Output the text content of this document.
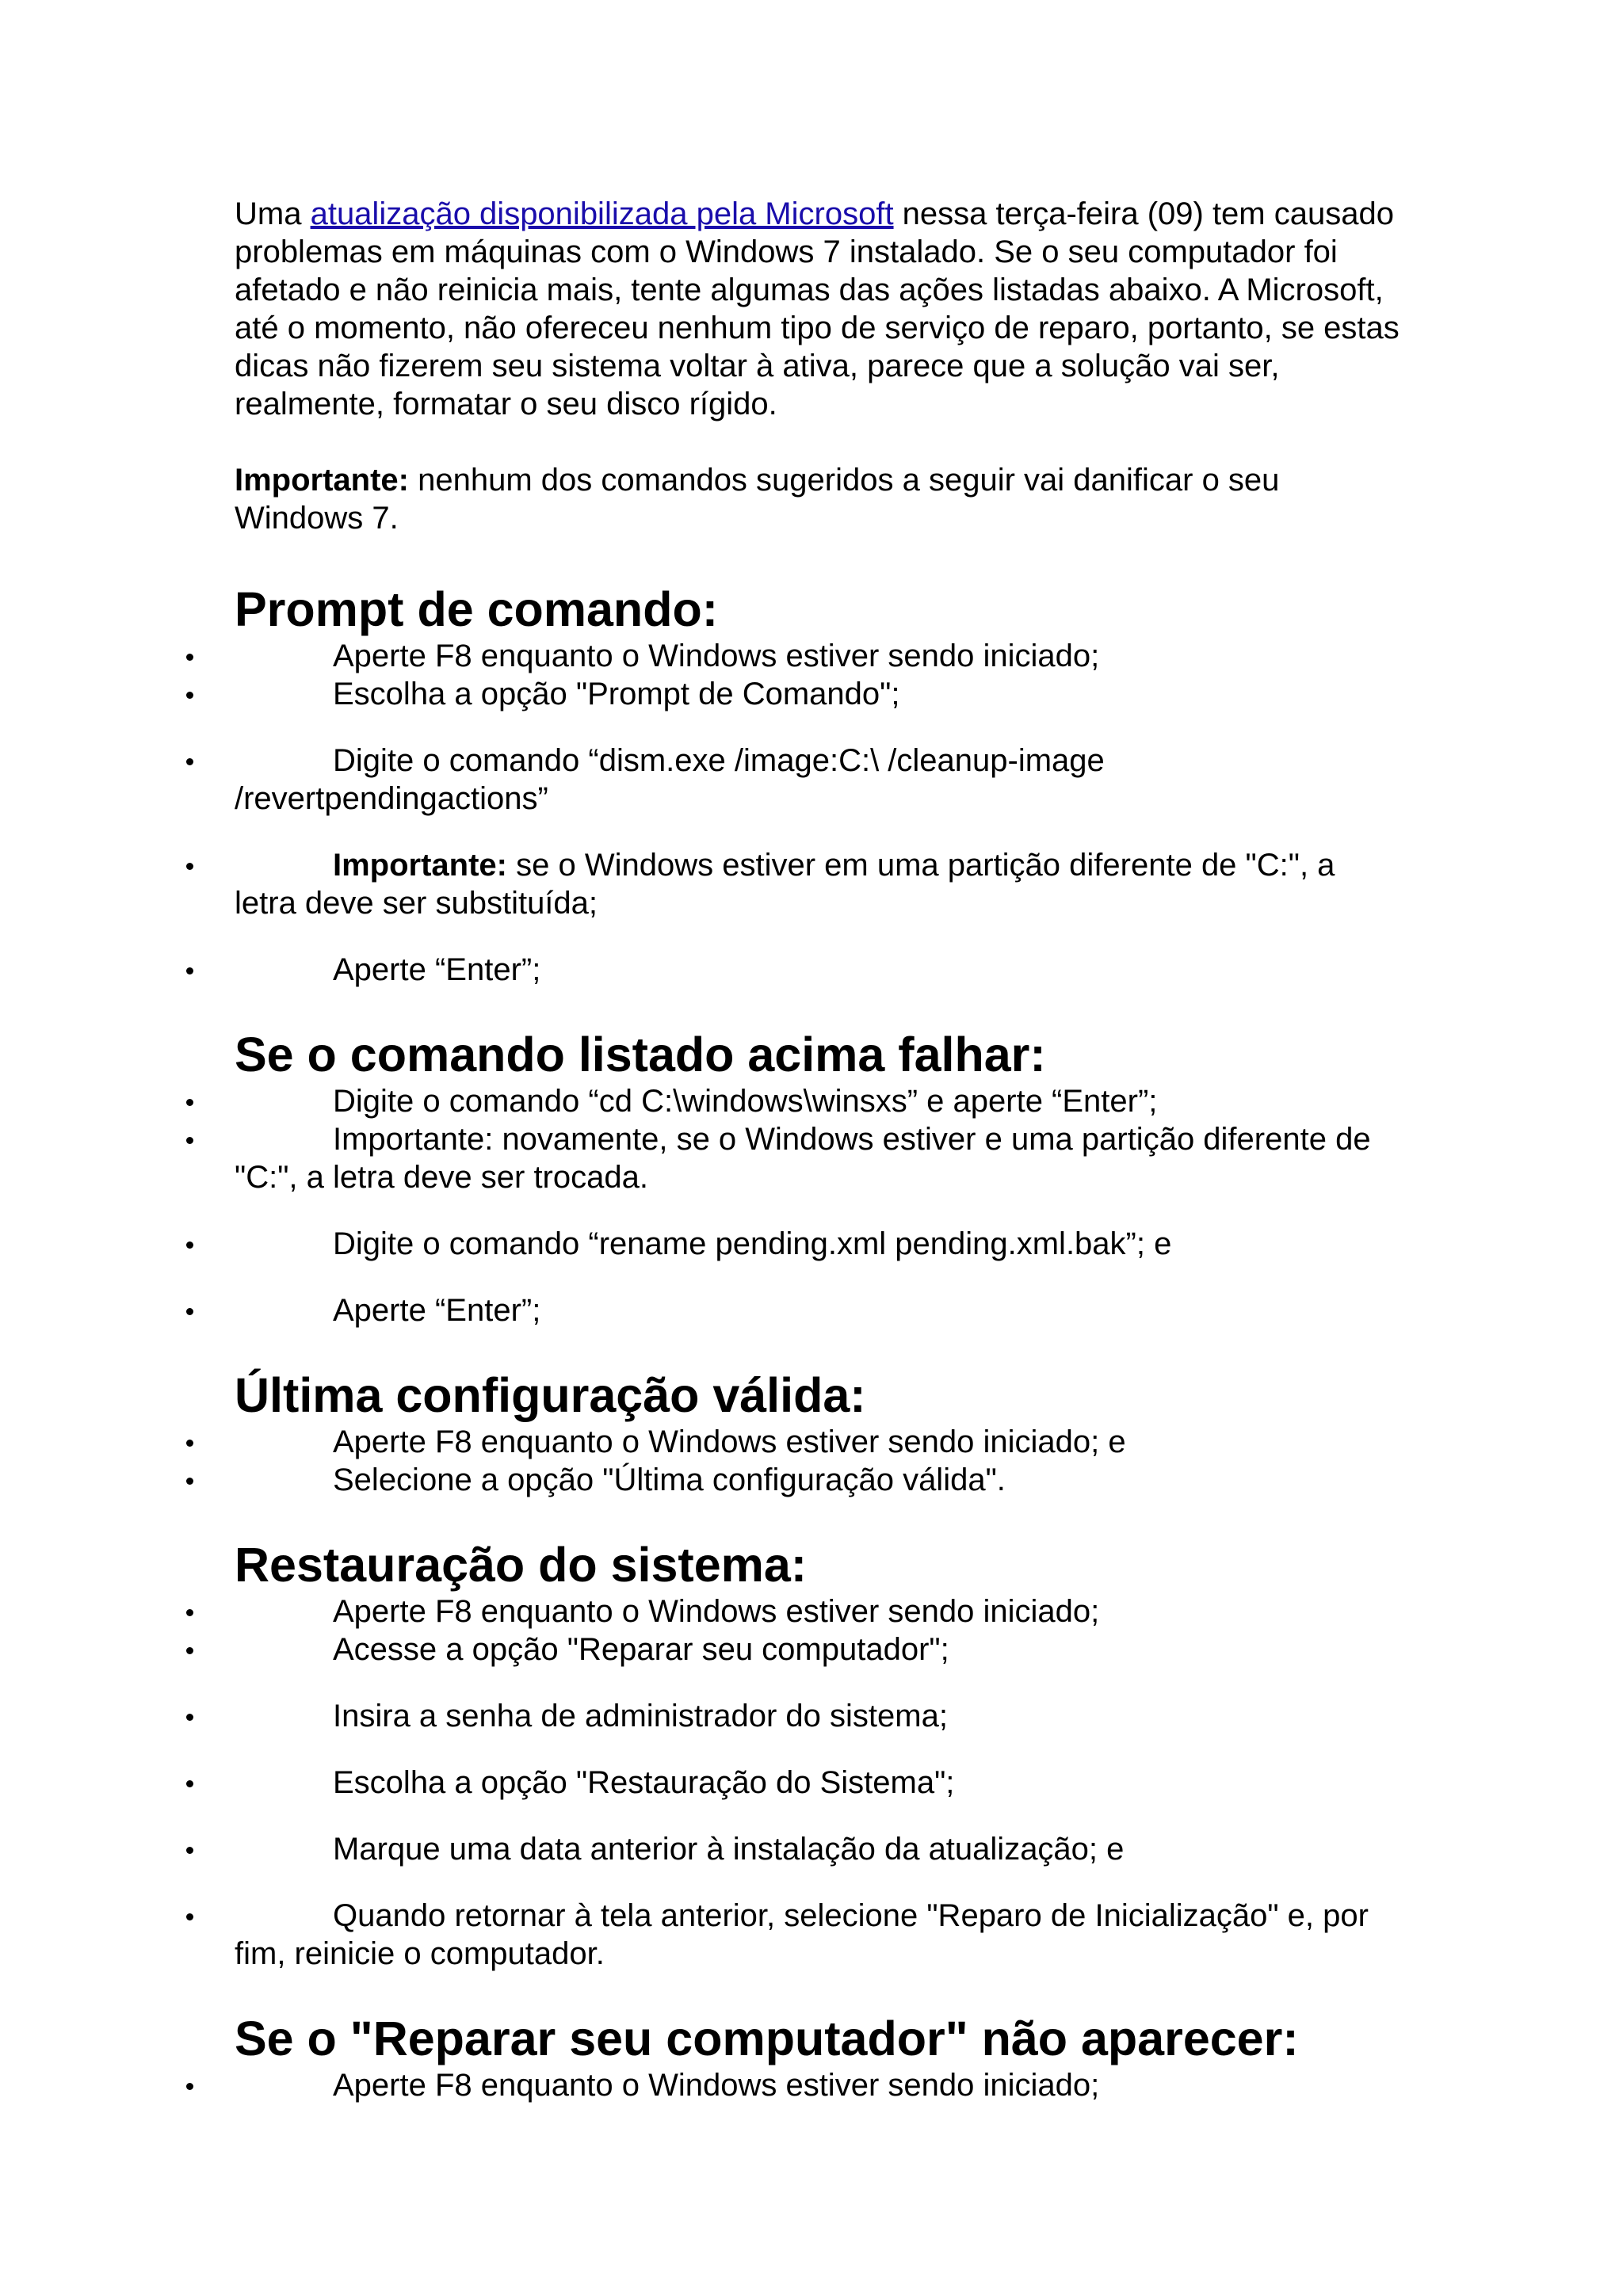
Uma atualização disponibilizada pela Microsoft nessa terça-feira (09) tem causado problemas em máquinas com o Windows 7 instalado. Se o seu computador foi afetado e não reinicia mais, tente algumas das ações listadas abaixo. A Microsoft, até o momento, não ofereceu nenhum tipo de serviço de reparo, portanto, se estas dicas não fizerem seu sistema voltar à ativa, parece que a solução vai ser, realmente, formatar o seu disco rígido.

Importante: nenhum dos comandos sugeridos a seguir vai danificar o seu Windows 7.

Prompt de comando:
Aperte F8 enquanto o Windows estiver sendo iniciado;
Escolha a opção "Prompt de Comando";
Digite o comando “dism.exe /image:C:\ /cleanup-image /revertpendingactions”
Importante: se o Windows estiver em uma partição diferente de "C:", a letra deve ser substituída;
Aperte “Enter”;
Se o comando listado acima falhar:
Digite o comando “cd C:\windows\winsxs” e aperte “Enter”;
Importante: novamente, se o Windows estiver e uma partição diferente de "C:", a letra deve ser trocada.
Digite o comando “rename pending.xml pending.xml.bak”; e
Aperte “Enter”;
Última configuração válida:
Aperte F8 enquanto o Windows estiver sendo iniciado; e
Selecione a opção "Última configuração válida".
Restauração do sistema:
Aperte F8 enquanto o Windows estiver sendo iniciado;
Acesse a opção "Reparar seu computador";
Insira a senha de administrador do sistema;
Escolha a opção "Restauração do Sistema";
Marque uma data anterior à instalação da atualização; e
Quando retornar à tela anterior, selecione "Reparo de Inicialização" e, por fim, reinicie o computador.
Se o "Reparar seu computador" não aparecer:
Aperte F8 enquanto o Windows estiver sendo iniciado;
